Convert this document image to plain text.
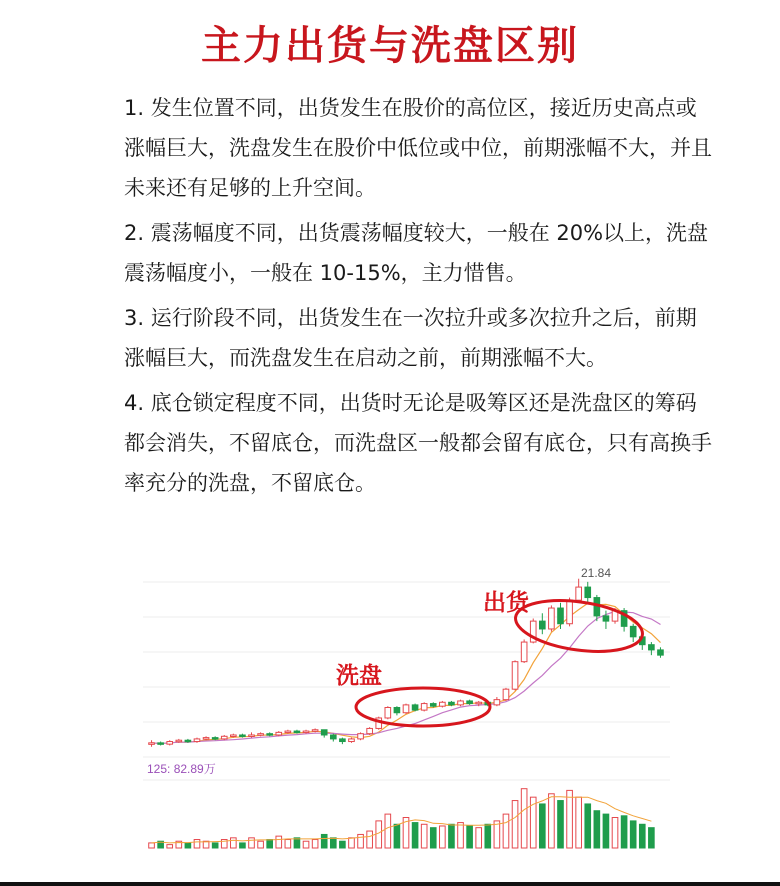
主力出货与洗盘区别

1. 发生位置不同，出货发生在股价的高位区，接近历史高点或涨幅巨大，洗盘发生在股价中低位或中位，前期涨幅不大，并且未来还有足够的上升空间。

2. 震荡幅度不同，出货震荡幅度较大，一般在 20%以上，洗盘震荡幅度小，一般在 10-15%，主力惜售。

3. 运行阶段不同，出货发生在一次拉升或多次拉升之后，前期涨幅巨大，而洗盘发生在启动之前，前期涨幅不大。

4. 底仓锁定程度不同，出货时无论是吸筹区还是洗盘区的筹码都会消失，不留底仓，而洗盘区一般都会留有底仓，只有高换手率充分的洗盘，不留底仓。

21.84
125: 82.89万
洗盘
出货
